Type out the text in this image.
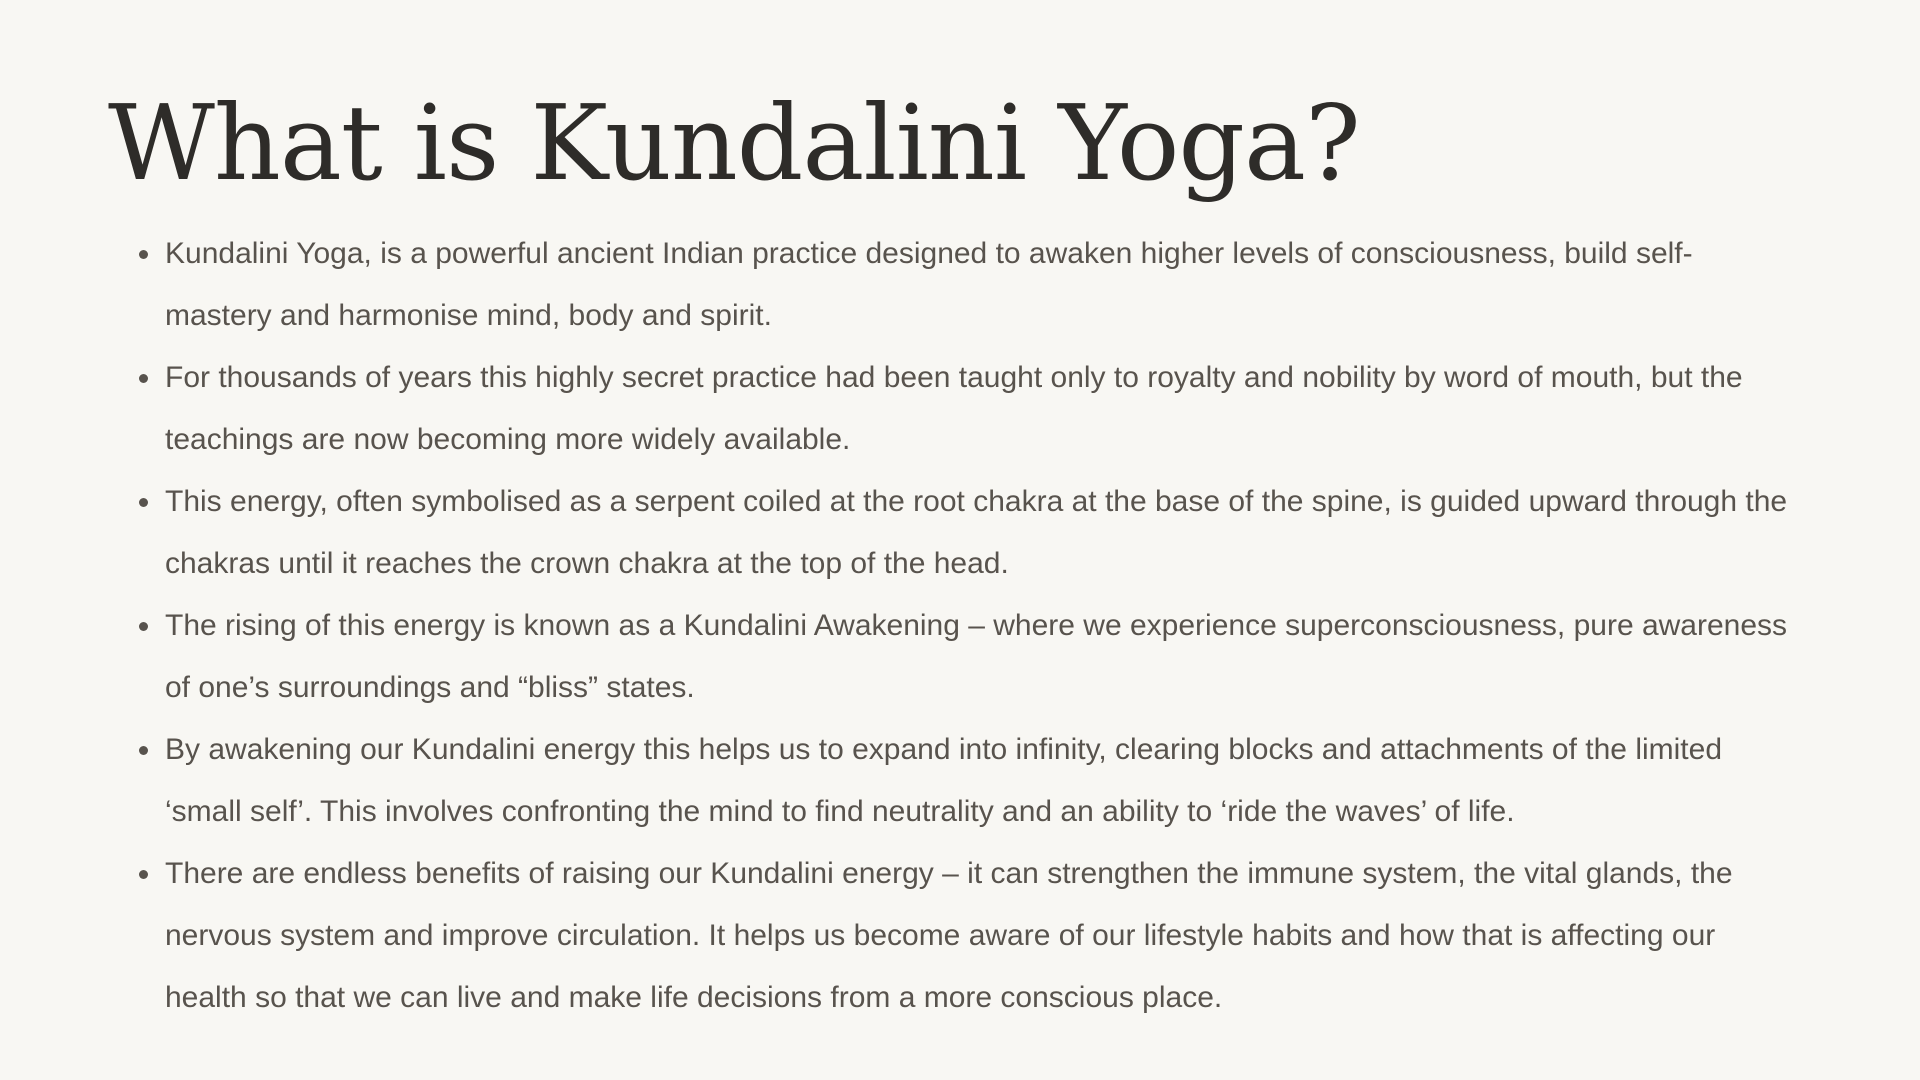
What is Kundalini Yoga?
Kundalini Yoga, is a powerful ancient Indian practice designed to awaken higher levels of consciousness, build self-mastery and harmonise mind, body and spirit.
For thousands of years this highly secret practice had been taught only to royalty and nobility by word of mouth, but the teachings are now becoming more widely available.
This energy, often symbolised as a serpent coiled at the root chakra at the base of the spine, is guided upward through the chakras until it reaches the crown chakra at the top of the head.
The rising of this energy is known as a Kundalini Awakening – where we experience superconsciousness, pure awareness of one’s surroundings and “bliss” states.
By awakening our Kundalini energy this helps us to expand into infinity, clearing blocks and attachments of the limited ‘small self’. This involves confronting the mind to find neutrality and an ability to ‘ride the waves’ of life.
There are endless benefits of raising our Kundalini energy – it can strengthen the immune system, the vital glands, the nervous system and improve circulation. It helps us become aware of our lifestyle habits and how that is affecting our health so that we can live and make life decisions from a more conscious place.
